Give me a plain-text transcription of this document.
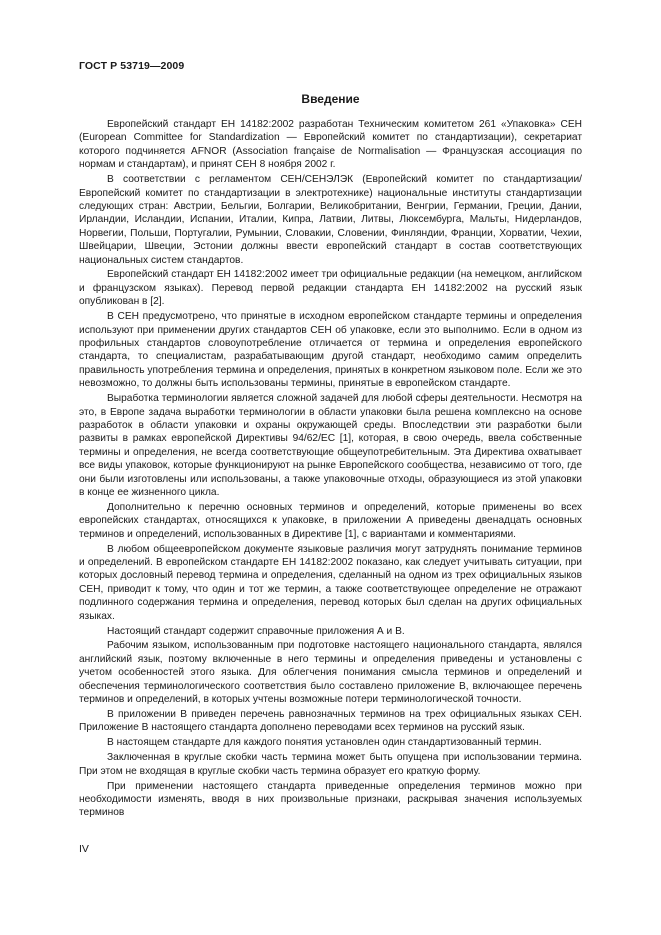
ГОСТ Р 53719—2009
Введение

Европейский стандарт ЕН 14182:2002 разработан Техническим комитетом 261 «Упаковка» СЕН (European Committee for Standardization — Европейский комитет по стандартизации), секретариат которого подчиняется AFNOR (Association française de Normalisation — Французская ассоциация по нормам и стандартам), и принят СЕН 8 ноября 2002 г.

В соответствии с регламентом СЕН/СЕНЭЛЭК (Европейский комитет по стандартизации/Европейский комитет по стандартизации в электротехнике) национальные институты стандартизации следующих стран: Австрии, Бельгии, Болгарии, Великобритании, Венгрии, Германии, Греции, Дании, Ирландии, Исландии, Испании, Италии, Кипра, Латвии, Литвы, Люксембурга, Мальты, Нидерландов, Норвегии, Польши, Португалии, Румынии, Словакии, Словении, Финляндии, Франции, Хорватии, Чехии, Швейцарии, Швеции, Эстонии должны ввести европейский стандарт в состав соответствующих национальных систем стандартов.

Европейский стандарт ЕН 14182:2002 имеет три официальные редакции (на немецком, английском и французском языках). Перевод первой редакции стандарта ЕН 14182:2002 на русский язык опубликован в [2].

В СЕН предусмотрено, что принятые в исходном европейском стандарте термины и определения используют при применении других стандартов СЕН об упаковке, если это выполнимо. Если в одном из профильных стандартов словоупотребление отличается от термина и определения европейского стандарта, то специалистам, разрабатывающим другой стандарт, необходимо самим определить правильность употребления термина и определения, принятых в конкретном языковом поле. Если же это невозможно, то должны быть использованы термины, принятые в европейском стандарте.

Выработка терминологии является сложной задачей для любой сферы деятельности. Несмотря на это, в Европе задача выработки терминологии в области упаковки была решена комплексно на основе разработок в области упаковки и охраны окружающей среды. Впоследствии эти разработки были развиты в рамках европейской Директивы 94/62/ЕС [1], которая, в свою очередь, ввела собственные термины и определения, не всегда соответствующие общеупотребительным. Эта Директива охватывает все виды упаковок, которые функционируют на рынке Европейского сообщества, независимо от того, где они были изготовлены или использованы, а также упаковочные отходы, образующиеся из этой упаковки в конце ее жизненного цикла.

Дополнительно к перечню основных терминов и определений, которые применены во всех европейских стандартах, относящихся к упаковке, в приложении А приведены двенадцать основных терминов и определений, использованных в Директиве [1], с вариантами и комментариями.

В любом общеевропейском документе языковые различия могут затруднять понимание терминов и определений. В европейском стандарте ЕН 14182:2002 показано, как следует учитывать ситуации, при которых дословный перевод термина и определения, сделанный на одном из трех официальных языков СЕН, приводит к тому, что один и тот же термин, а также соответствующее определение не отражают подлинного содержания термина и определения, перевод которых был сделан на других официальных языках.

Настоящий стандарт содержит справочные приложения А и В.

Рабочим языком, использованным при подготовке настоящего национального стандарта, являлся английский язык, поэтому включенные в него термины и определения приведены и установлены с учетом особенностей этого языка. Для облегчения понимания смысла терминов и определений и обеспечения терминологического соответствия было составлено приложение В, включающее перечень терминов и определений, в которых учтены возможные потери терминологической точности.

В приложении В приведен перечень равнозначных терминов на трех официальных языках СЕН. Приложение В настоящего стандарта дополнено переводами всех терминов на русский язык.

В настоящем стандарте для каждого понятия установлен один стандартизованный термин.

Заключенная в круглые скобки часть термина может быть опущена при использовании термина. При этом не входящая в круглые скобки часть термина образует его краткую форму.

При применении настоящего стандарта приведенные определения терминов можно при необходимости изменять, вводя в них произвольные признаки, раскрывая значения используемых терминов

IV
